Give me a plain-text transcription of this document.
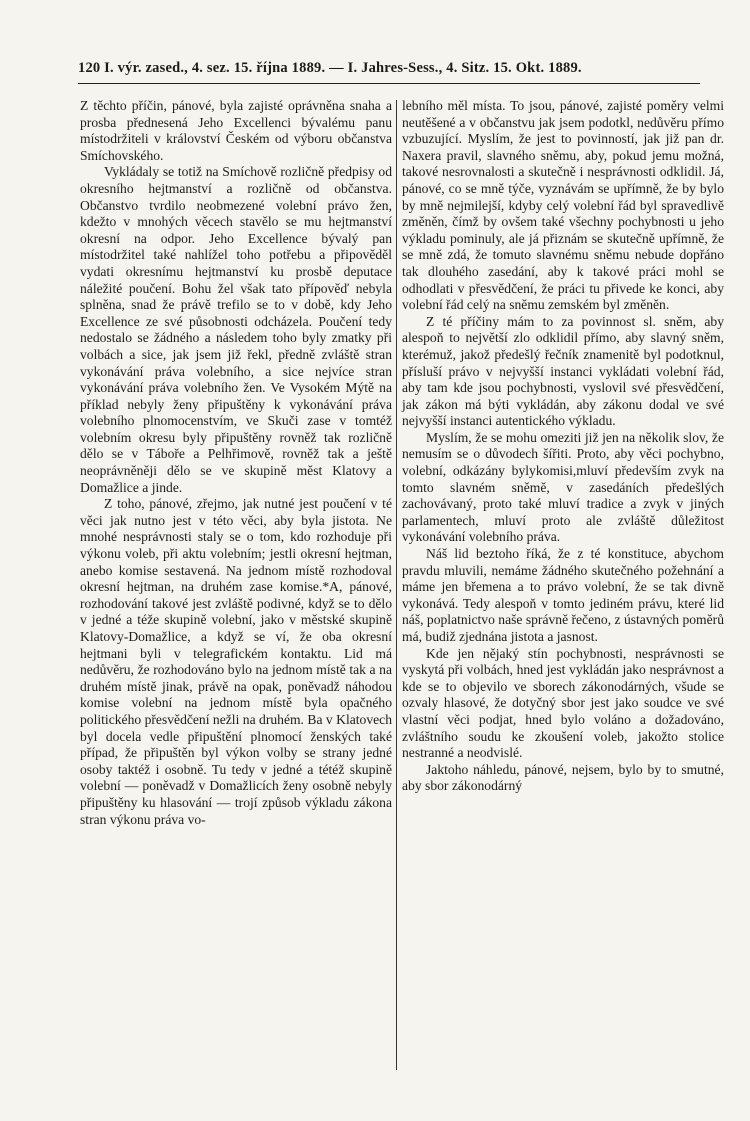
120 I. výr. zased., 4. sez. 15. října 1889. — I. Jahres-Sess., 4. Sitz. 15. Okt. 1889.

Z těchto příčin, pánové, byla zajisté oprávněna snaha a prosba přednesená Jeho Excellenci bývalému panu místodržiteli v království Českém od výboru občanstva Smíchovského.

Vykládaly se totiž na Smíchově rozličně předpisy od okresního hejtmanství a rozličně od občanstva. Občanstvo tvrdilo neobmezené volební právo žen, kdežto v mnohých věcech stavělo se mu hejtmanství okresní na odpor. Jeho Excellence bývalý pan místodržitel také nahlížel toho potřebu a připověděl vydati okresnímu hejtmanství ku prosbě deputace náležité poučení. Bohu žel však tato přípověď nebyla splněna, snad že právě trefilo se to v době, kdy Jeho Excellence ze své působnosti odcházela. Poučení tedy nedostalo se žádného a následem toho byly zmatky při volbách a sice, jak jsem již řekl, předně zvláště stran vykonávání práva volebního, a sice nejvíce stran vykonávání práva volebního žen. Ve Vysokém Mýtě na příklad nebyly ženy připuštěny k vykonávání práva volebního plnomocenstvím, ve Skuči zase v tomtéž volebním okresu byly připuštěny rovněž tak rozličně dělo se v Táboře a Pelhřimově, rovněž tak a ještě neoprávněněji dělo se ve skupině měst Klatovy a Domažlice a jinde.

Z toho, pánové, zřejmo, jak nutné jest poučení v té věci jak nutno jest v této věci, aby byla jistota. Ne mnohé nesprávnosti staly se o tom, kdo rozhoduje při výkonu voleb, při aktu volebním; jestli okresní hejtman, anebo komise sestavená. Na jednom místě rozhodoval okresní hejtman, na druhém zase komise.*A, pánové, rozhodování takové jest zvláště podivné, když se to dělo v jedné a téže skupině volební, jako v městské skupině Klatovy-Domažlice, a když se ví, že oba okresní hejtmani byli v telegrafickém kontaktu. Lid má nedůvěru, že rozhodováno bylo na jednom místě tak a na druhém místě jinak, právě na opak, poněvadž náhodou komise volební na jednom místě byla opačného politického přesvědčení nežli na druhém. Ba v Klatovech byl docela vedle připuštění plnomocí ženských také případ, že připuštěn byl výkon volby se strany jedné osoby taktéž i osobně. Tu tedy v jedné a tétéž skupině volební — poněvadž v Domažlicích ženy osobně nebyly připuštěny ku hlasování — trojí způsob výkladu zákona stran výkonu práva vo-

lebního měl místa. To jsou, pánové, zajisté poměry velmi neutěšené a v občanstvu jak jsem podotkl, nedůvěru přímo vzbuzující. Myslím, že jest to povinností, jak již pan dr. Naxera pravil, slavného sněmu, aby, pokud jemu možná, takové nesrovnalosti a skutečně i nesprávnosti odklidil. Já, pánové, co se mně týče, vyznávám se upřímně, že by bylo by mně nejmilejší, kdyby celý volební řád byl spravedlivě změněn, čímž by ovšem také všechny pochybnosti u jeho výkladu pominuly, ale já přiznám se skutečně upřímně, že se mně zdá, že tomuto slavnému sněmu nebude dopřáno tak dlouhého zasedání, aby k takové práci mohl se odhodlati v přesvědčení, že práci tu přivede ke konci, aby volební řád celý na sněmu zemském byl změněn.

Z té příčiny mám to za povinnost sl. sněm, aby alespoň to největší zlo odklidil přímo, aby slavný sněm, kterémuž, jakož předešlý řečník znamenitě byl podotknul, přísluší právo v nejvyšší instanci vykládati volební řád, aby tam kde jsou pochybnosti, vyslovil své přesvědčení, jak zákon má býti vykládán, aby zákonu dodal ve své nejvyšší instanci autentického výkladu.

Myslím, že se mohu omeziti již jen na několik slov, že nemusím se o důvodech šířiti. Proto, aby věci pochybno, volební, odkázány bylykomisi,mluví především zvyk na tomto slavném sněmě, v zasedáních předešlých zachovávaný, proto také mluví tradice a zvyk v jiných parlamentech, mluví proto ale zvláště důležitost vykonávání volebního práva.

Náš lid beztoho říká, že z té konstituce, abychom pravdu mluvili, nemáme žádného skutečného požehnání a máme jen břemena a to právo volební, že se tak divně vykonává. Tedy alespoň v tomto jediném právu, které lid náš, poplatnictvo naše správně řečeno, z ústavných poměrů má, budiž zjednána jistota a jasnost.

Kde jen nějaký stín pochybnosti, nesprávnosti se vyskytá při volbách, hned jest vykládán jako nesprávnost a kde se to objevilo ve sborech zákonodárných, všude se ozvaly hlasové, že dotyčný sbor jest jako soudce ve své vlastní věci podjat, hned bylo voláno a dožadováno, zvláštního soudu ke zkoušení voleb, jakožto stolice nestranné a neodvislé.

Jaktoho náhledu, pánové, nejsem, bylo by to smutné, aby sbor zákonodárný
